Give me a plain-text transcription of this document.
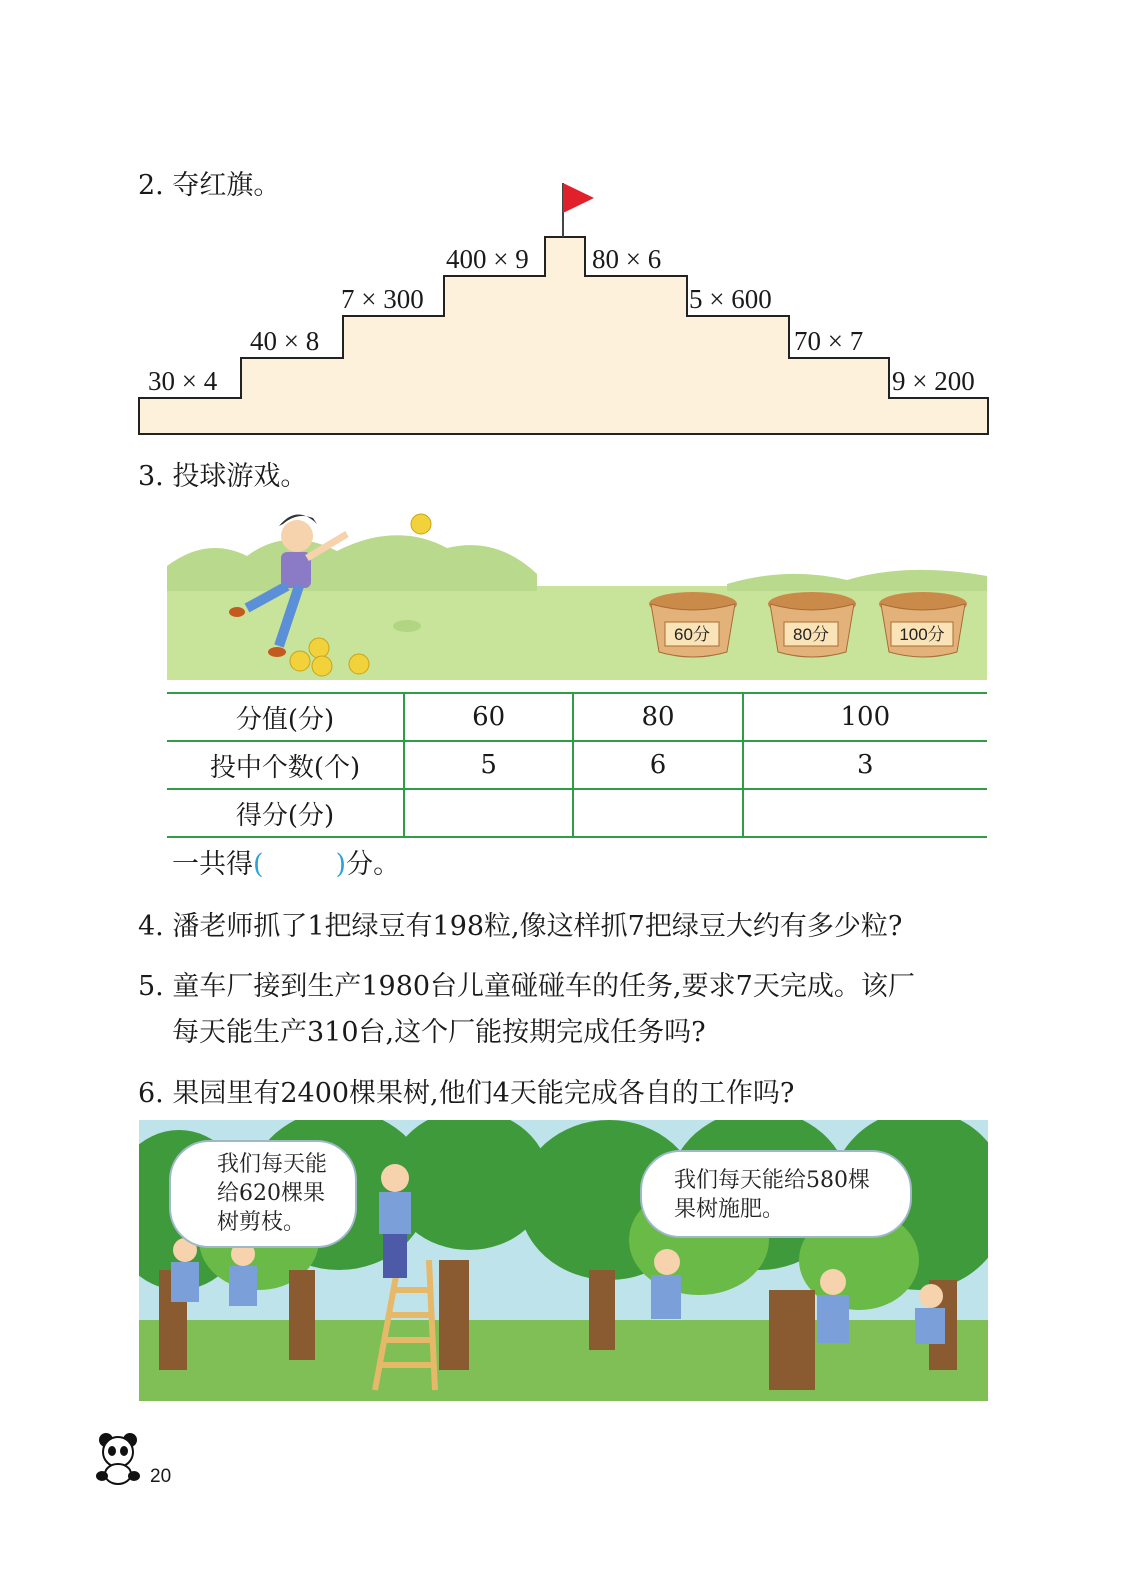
2. 夺红旗。
30 × 4
40 × 8
7 × 300
400 × 9 80 × 6
5 × 600
70 × 7
9 × 200
3. 投球游戏。
60分	80分	100分
分值(分)	60	80	100
投中个数(个)	5	6	3
得分(分)			
一共得(	)分。
4. 潘老师抓了1把绿豆有198粒,像这样抓7把绿豆大约有多少粒?
5. 童车厂接到生产1980台儿童碰碰车的任务,要求7天完成。该厂
每天能生产310台,这个厂能按期完成任务吗?
6. 果园里有2400棵果树,他们4天能完成各自的工作吗?
我们每天能
给620棵果
树剪枝。
我们每天能给580棵
果树施肥。
20
